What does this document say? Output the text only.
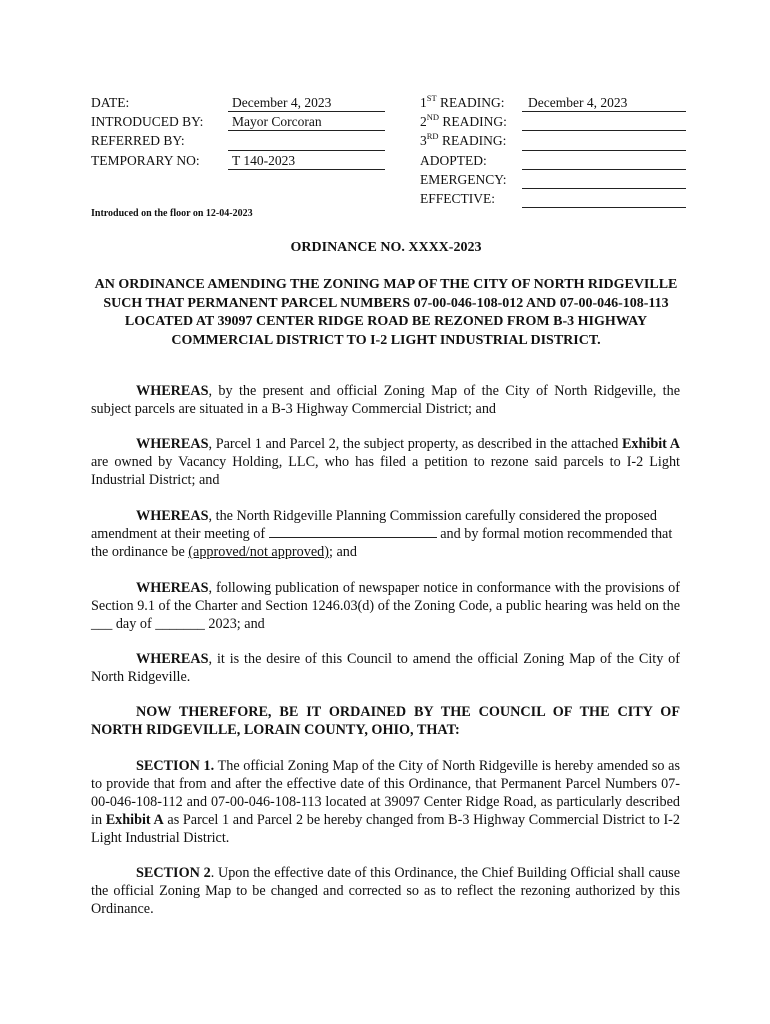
DATE:	December 4, 2023
INTRODUCED BY: Mayor Corcoran
REFERRED BY:
TEMPORARY NO: T 140-2023
1ST READING: December 4, 2023
2ND READING:
3RD READING:
ADOPTED:
EMERGENCY:
EFFECTIVE:
Introduced on the floor on 12-04-2023
ORDINANCE NO. XXXX-2023
AN ORDINANCE AMENDING THE ZONING MAP OF THE CITY OF NORTH RIDGEVILLE SUCH THAT PERMANENT PARCEL NUMBERS 07-00-046-108-012 AND 07-00-046-108-113 LOCATED AT 39097 CENTER RIDGE ROAD BE REZONED FROM B-3 HIGHWAY COMMERCIAL DISTRICT TO I-2 LIGHT INDUSTRIAL DISTRICT.
WHEREAS, by the present and official Zoning Map of the City of North Ridgeville, the subject parcels are situated in a B-3 Highway Commercial District; and
WHEREAS, Parcel 1 and Parcel 2, the subject property, as described in the attached Exhibit A are owned by Vacancy Holding, LLC, who has filed a petition to rezone said parcels to I-2 Light Industrial District; and
WHEREAS, the North Ridgeville Planning Commission carefully considered the proposed amendment at their meeting of	and by formal motion recommended that the ordinance be (approved/not approved); and
WHEREAS, following publication of newspaper notice in conformance with the provisions of Section 9.1 of the Charter and Section 1246.03(d) of the Zoning Code, a public hearing was held on the ___ day of _______ 2023; and
WHEREAS, it is the desire of this Council to amend the official Zoning Map of the City of North Ridgeville.
NOW THEREFORE, BE IT ORDAINED BY THE COUNCIL OF THE CITY OF NORTH RIDGEVILLE, LORAIN COUNTY, OHIO, THAT:
SECTION 1. The official Zoning Map of the City of North Ridgeville is hereby amended so as to provide that from and after the effective date of this Ordinance, that Permanent Parcel Numbers 07-00-046-108-112 and 07-00-046-108-113 located at 39097 Center Ridge Road, as particularly described in Exhibit A as Parcel 1 and Parcel 2 be hereby changed from B-3 Highway Commercial District to I-2 Light Industrial District.
SECTION 2. Upon the effective date of this Ordinance, the Chief Building Official shall cause the official Zoning Map to be changed and corrected so as to reflect the rezoning authorized by this Ordinance.
